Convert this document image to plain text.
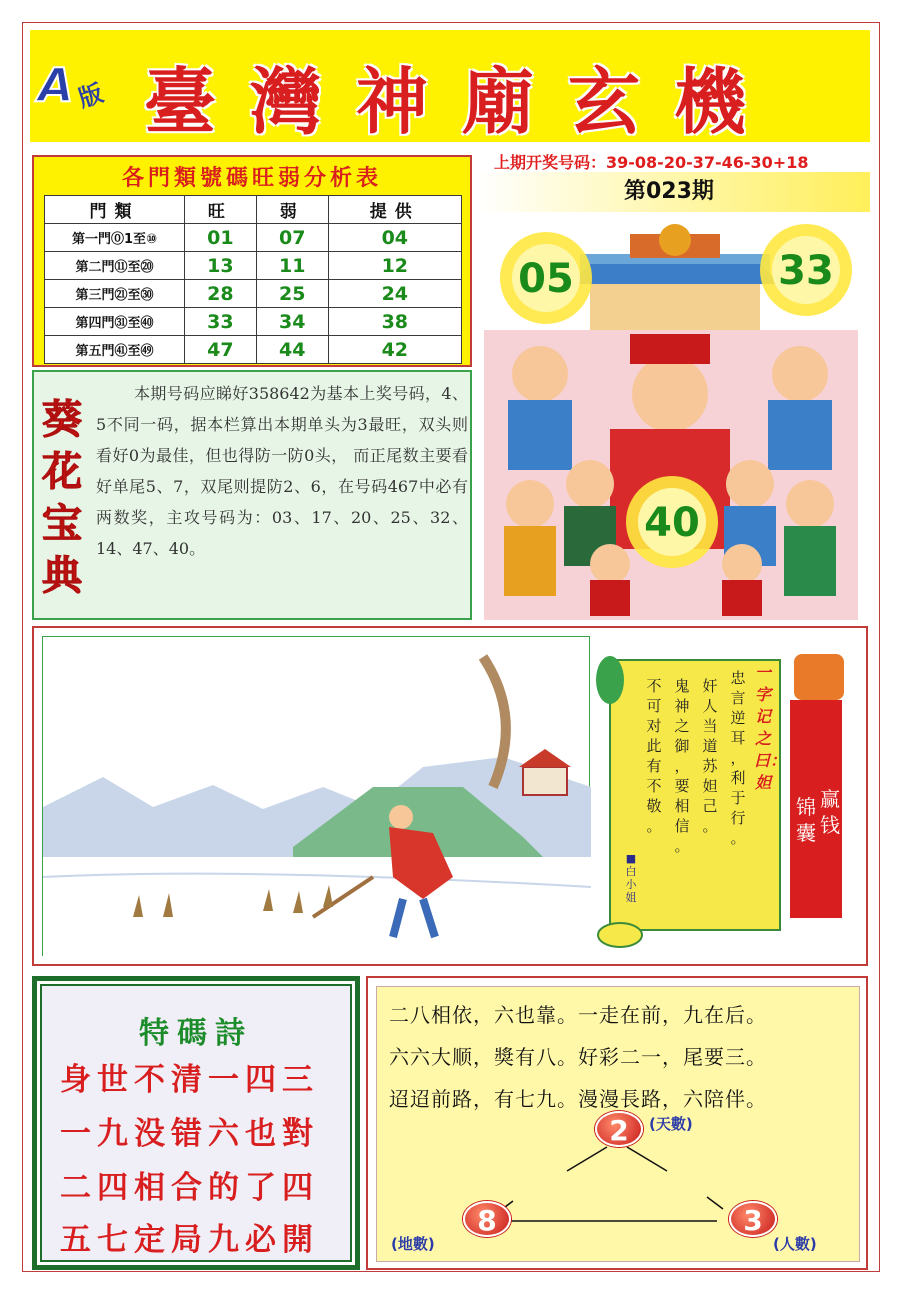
A 版 臺灣神廟玄機
上期开奖号码：39-08-20-37-46-30+18
第023期
各門類號碼旺弱分析表
門類	旺	弱	提供
第一門⓪1至⑩	01	07	04
第二門⑪至⑳	13	11	12
第三門㉑至㉚	28	25	24
第四門㉛至㊵	33	34	38
第五門㊶至㊾	47	44	42
05	33
40
葵花宝典
本期号码应睇好358642为基本上奖号码，4、5不同一码，据本栏算出本期单头为3最旺，双头则看好0为最佳，但也得防一防0头， 而正尾数主要看好单尾5、7，双尾则提防2、6，在号码467中必有两数奖，主攻号码为：03、17、20、25、32、14、47、40。
一字记之曰：妲
忠言逆耳，利于行。
奸人当道苏妲己。
鬼神之御，要相信。
不可对此有不敬。
■白小姐
赢钱
锦囊
特碼詩
身世不清一四三
一九没错六也對
二四相合的了四
五七定局九必開
二八相依，六也靠。一走在前，九在后。
六六大顺，獎有八。好彩二一，尾要三。
迢迢前路，有七九。漫漫長路，六陪伴。
2	(天數)
8
(地數)
3
(人數)
